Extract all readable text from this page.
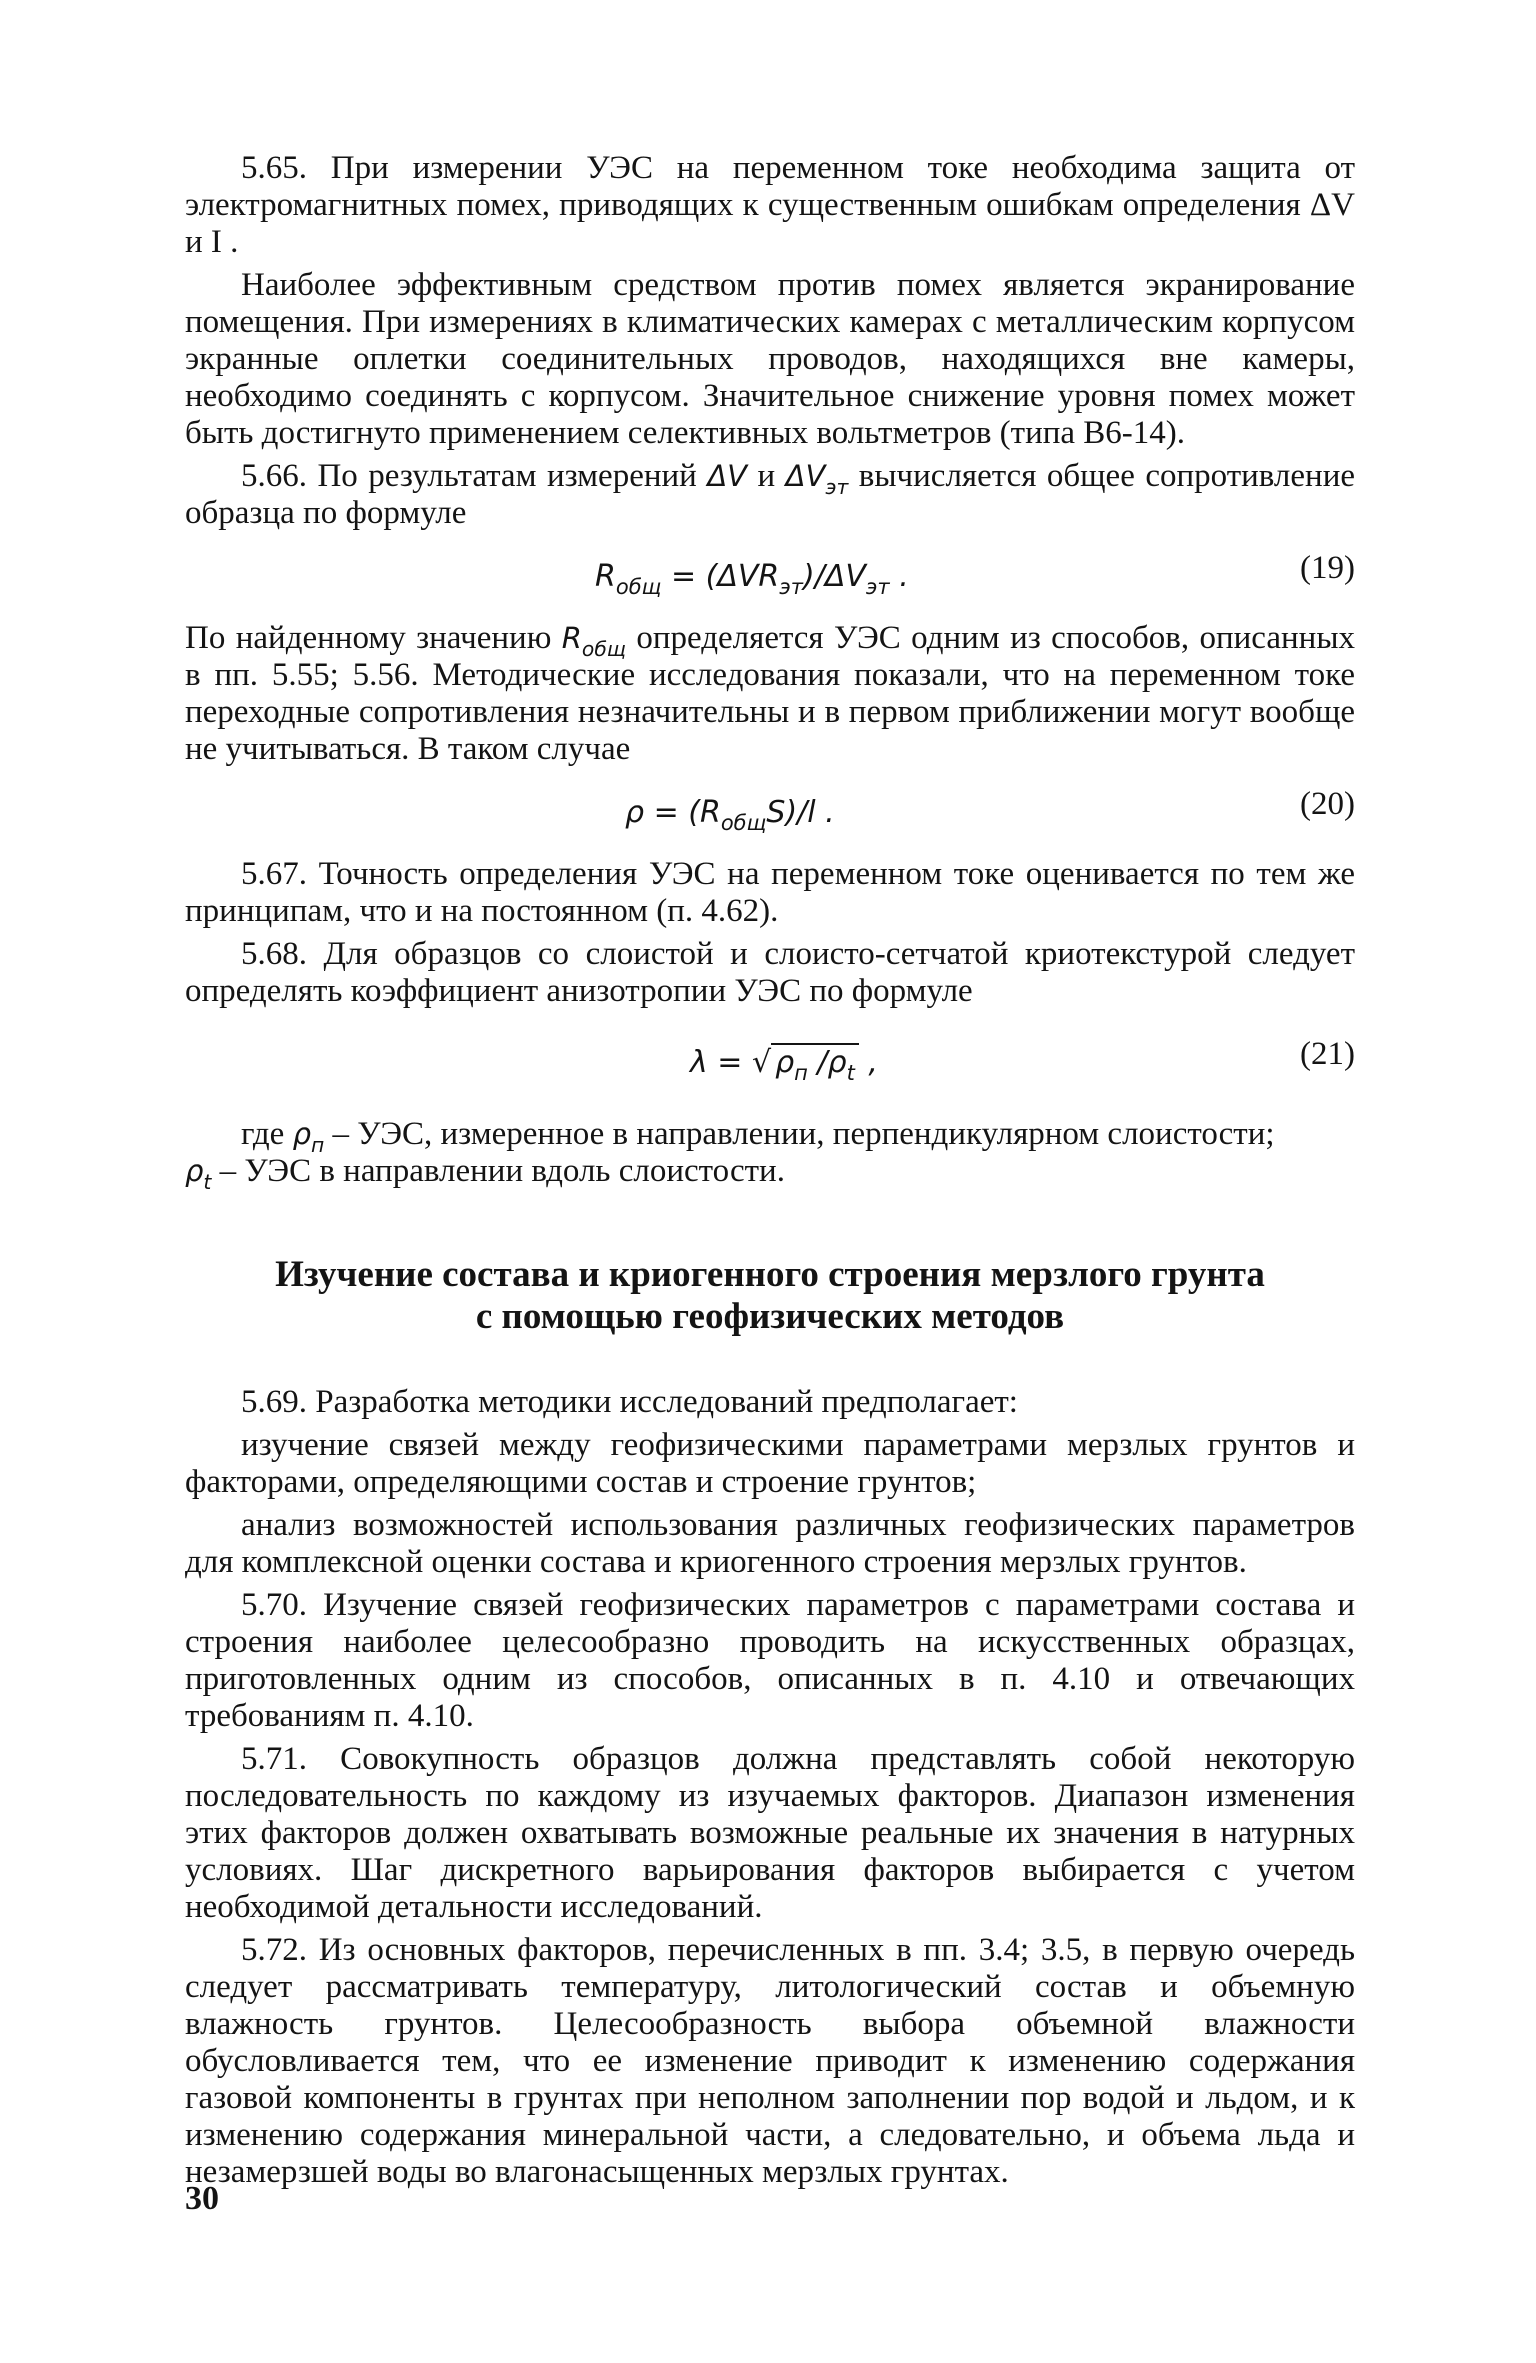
5.65. При измерении УЭС на переменном токе необходима защита от электромагнитных помех, приводящих к существенным ошибкам определения ΔV и I .

Наиболее эффективным средством против помех является экранирование помещения. При измерениях в климатических камерах с металлическим корпусом экранные оплетки соединительных проводов, находящихся вне камеры, необходимо соединять с корпусом. Значительное снижение уровня помех может быть достигнуто применением селективных вольтметров (типа В6-14).

5.66. По результатам измерений ΔV и $\Delta V_{эт}$ вычисляется общее сопротивление образца по формуле

$R_{общ} = (\Delta VR_{эт})/\Delta V_{эт}$ .	(19)

По найденному значению $R_{общ}$ определяется УЭС одним из способов, описанных в пп. 5.55; 5.56. Методические исследования показали, что на переменном токе переходные сопротивления незначительны и в первом приближении могут вообще не учитываться. В таком случае

$\rho = (R_{общ}S)/l$ .	(20)

5.67. Точность определения УЭС на переменном токе оценивается по тем же принципам, что и на постоянном (п. 4.62).

5.68. Для образцов со слоистой и слоисто-сетчатой криотекстурой следует определять коэффициент анизотропии УЭС по формуле

λ = √ $\rho_п$ $/\rho_t$ ,	(21)

где $\rho_п$ – УЭС, измеренное в направлении, перпендикулярном слоистости;

$\rho_t$ – УЭС в направлении вдоль слоистости.

Изучение состава и криогенного строения мерзлого грунта
с помощью геофизических методов

5.69. Разработка методики исследований предполагает:

изучение связей между геофизическими параметрами мерзлых грунтов и факторами, определяющими состав и строение грунтов;

анализ возможностей использования различных геофизических параметров для комплексной оценки состава и криогенного строения мерзлых грунтов.

5.70. Изучение связей геофизических параметров с параметрами состава и строения наиболее целесообразно проводить на искусственных образцах, приготовленных одним из способов, описанных в п. 4.10 и отвечающих требованиям п. 4.10.

5.71. Совокупность образцов должна представлять собой некоторую последовательность по каждому из изучаемых факторов. Диапазон изменения этих факторов должен охватывать возможные реальные их значения в натурных условиях. Шаг дискретного варьирования факторов выбирается с учетом необходимой детальности исследований.

5.72. Из основных факторов, перечисленных в пп. 3.4; 3.5, в первую очередь следует рассматривать температуру, литологический состав и объемную влажность грунтов. Целесообразность выбора объемной влажности обусловливается тем, что ее изменение приводит к изменению содержания газовой компоненты в грунтах при неполном заполнении пор водой и льдом, и к изменению содержания минеральной части, а следовательно, и объема льда и незамерзшей воды во влагонасыщенных мерзлых грунтах.

30
